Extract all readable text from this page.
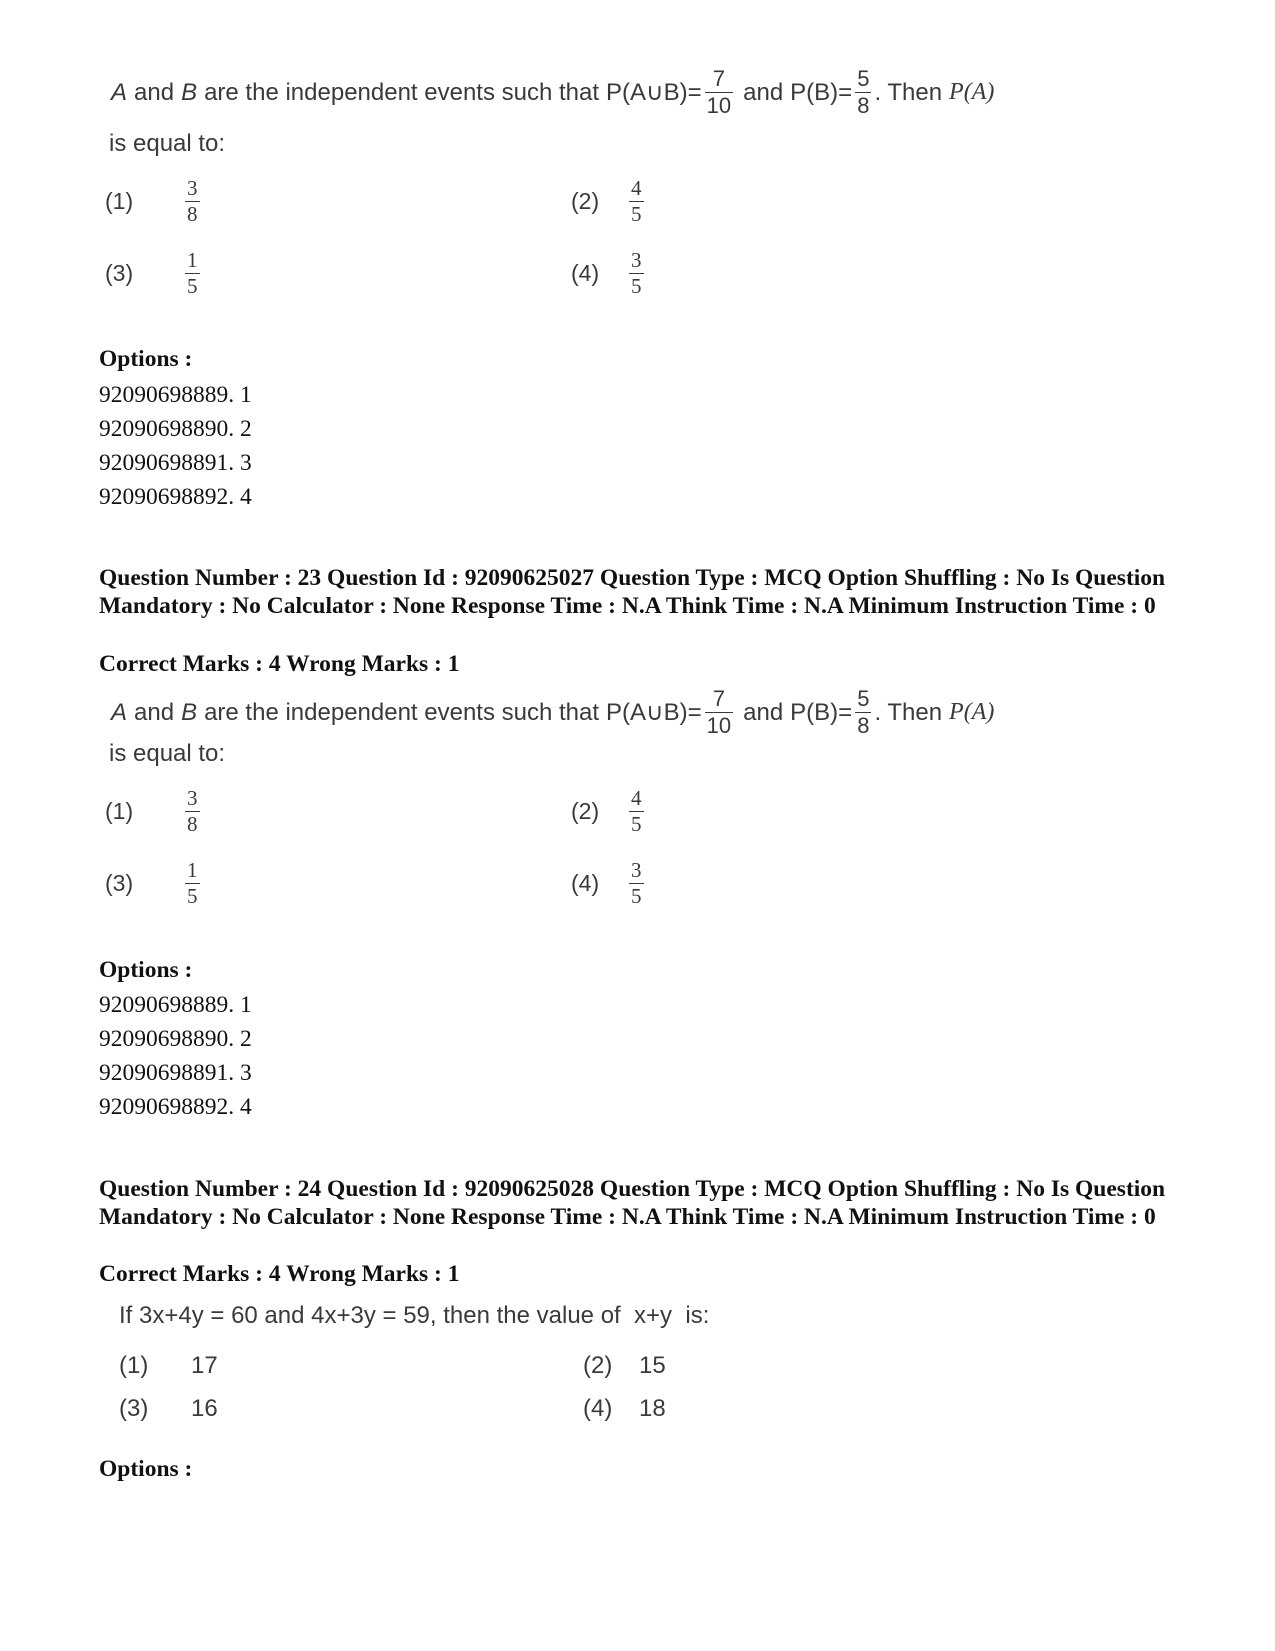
A and B are the independent events such that P(A∪B)= $\frac{7}{10}$ and $P(B)= \frac{5}{8}$ . Then P(A)
is equal to:
(1)	$\frac{3}{8}$	(2)	$\frac{4}{5}$
(3)	$\frac{1}{5}$	(4)	$\frac{3}{5}$
Options :
92090698889. 1
92090698890. 2
92090698891. 3
92090698892. 4
Question Number : 23 Question Id : 92090625027 Question Type : MCQ Option Shuffling : No Is Question Mandatory : No Calculator : None Response Time : N.A Think Time : N.A Minimum Instruction Time : 0
Correct Marks : 4 Wrong Marks : 1
A and B are the independent events such that P(A∪B)= $\frac{7}{10}$ and $P(B)= \frac{5}{8}$ . Then P(A)
is equal to:
(1)	$\frac{3}{8}$	(2)	$\frac{4}{5}$
(3)	$\frac{1}{5}$	(4)	$\frac{3}{5}$
Options :
92090698889. 1
92090698890. 2
92090698891. 3
92090698892. 4
Question Number : 24 Question Id : 92090625028 Question Type : MCQ Option Shuffling : No Is Question Mandatory : No Calculator : None Response Time : N.A Think Time : N.A Minimum Instruction Time : 0
Correct Marks : 4 Wrong Marks : 1
If 3x+4y = 60 and 4x+3y = 59, then the value of  x+y  is:
(1)	17	(2)	15
(3)	16	(4)	18
Options :
